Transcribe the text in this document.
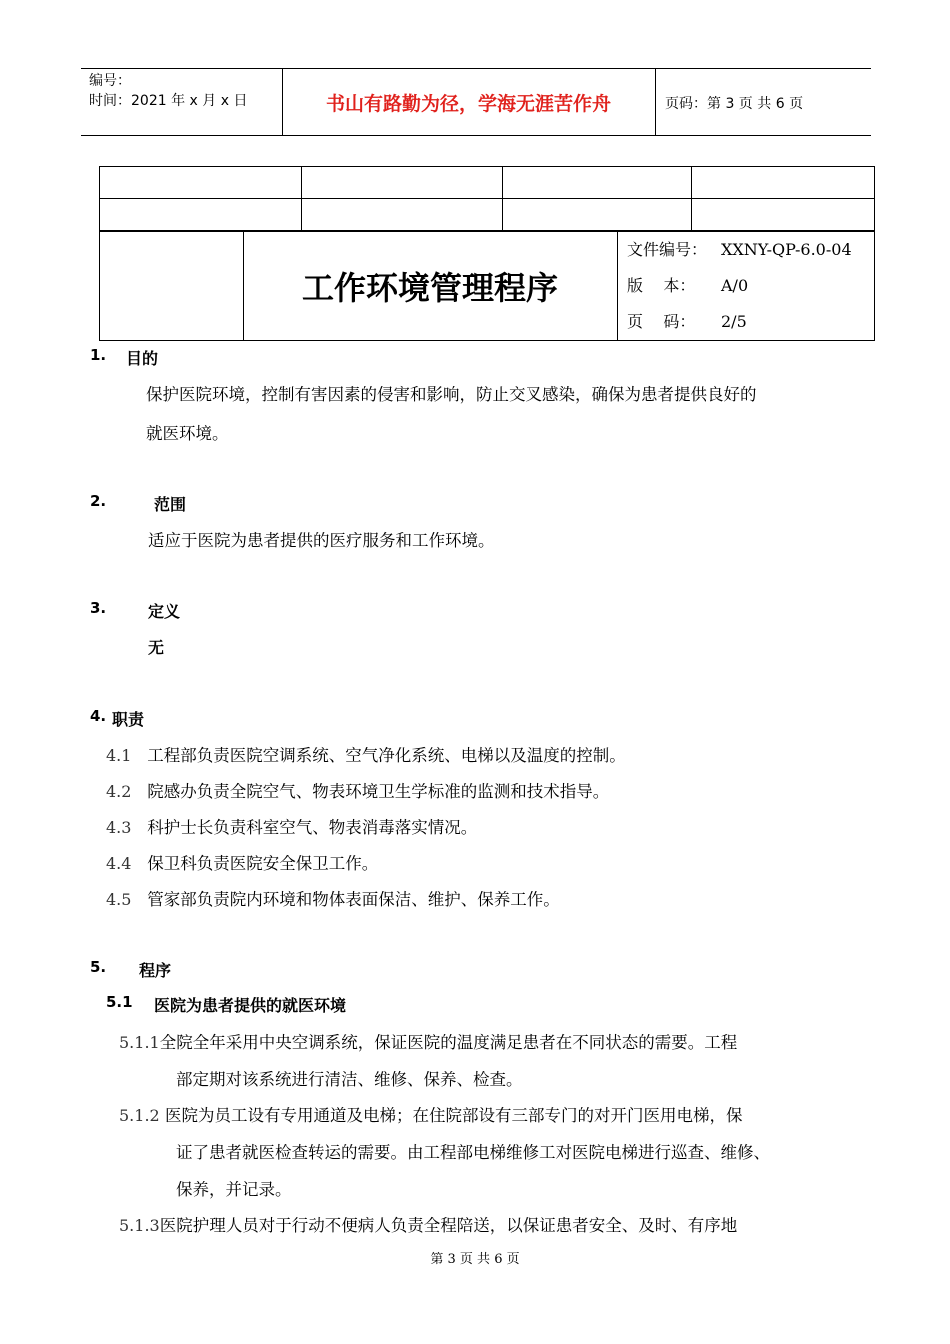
编号：
时间：2021 年 x 月 x 日	书山有路勤为径，学海无涯苦作舟	页码：第 3 页 共 6 页

工作环境管理程序
文件编号： XXNY-QP-6.0-04
版    本： A/0
页    码： 2/5
1. 目的
保护医院环境，控制有害因素的侵害和影响，防止交叉感染，确保为患者提供良好的
就医环境。
2.	范围
适应于医院为患者提供的医疗服务和工作环境。
3.	定义
无
4. 职责
4.1 工程部负责医院空调系统、空气净化系统、电梯以及温度的控制。
4.2 院感办负责全院空气、物表环境卫生学标准的监测和技术指导。
4.3 科护士长负责科室空气、物表消毒落实情况。
4.4 保卫科负责医院安全保卫工作。
4.5 管家部负责院内环境和物体表面保洁、维护、保养工作。
5. 程序
5.1 医院为患者提供的就医环境
5.1.1全院全年采用中央空调系统，保证医院的温度满足患者在不同状态的需要。工程
部定期对该系统进行清洁、维修、保养、检查。
5.1.2 医院为员工设有专用通道及电梯；在住院部设有三部专门的对开门医用电梯，保
证了患者就医检查转运的需要。由工程部电梯维修工对医院电梯进行巡查、维修、
保养，并记录。
5.1.3医院护理人员对于行动不便病人负责全程陪送，以保证患者安全、及时、有序地
第 3 页 共 6 页
